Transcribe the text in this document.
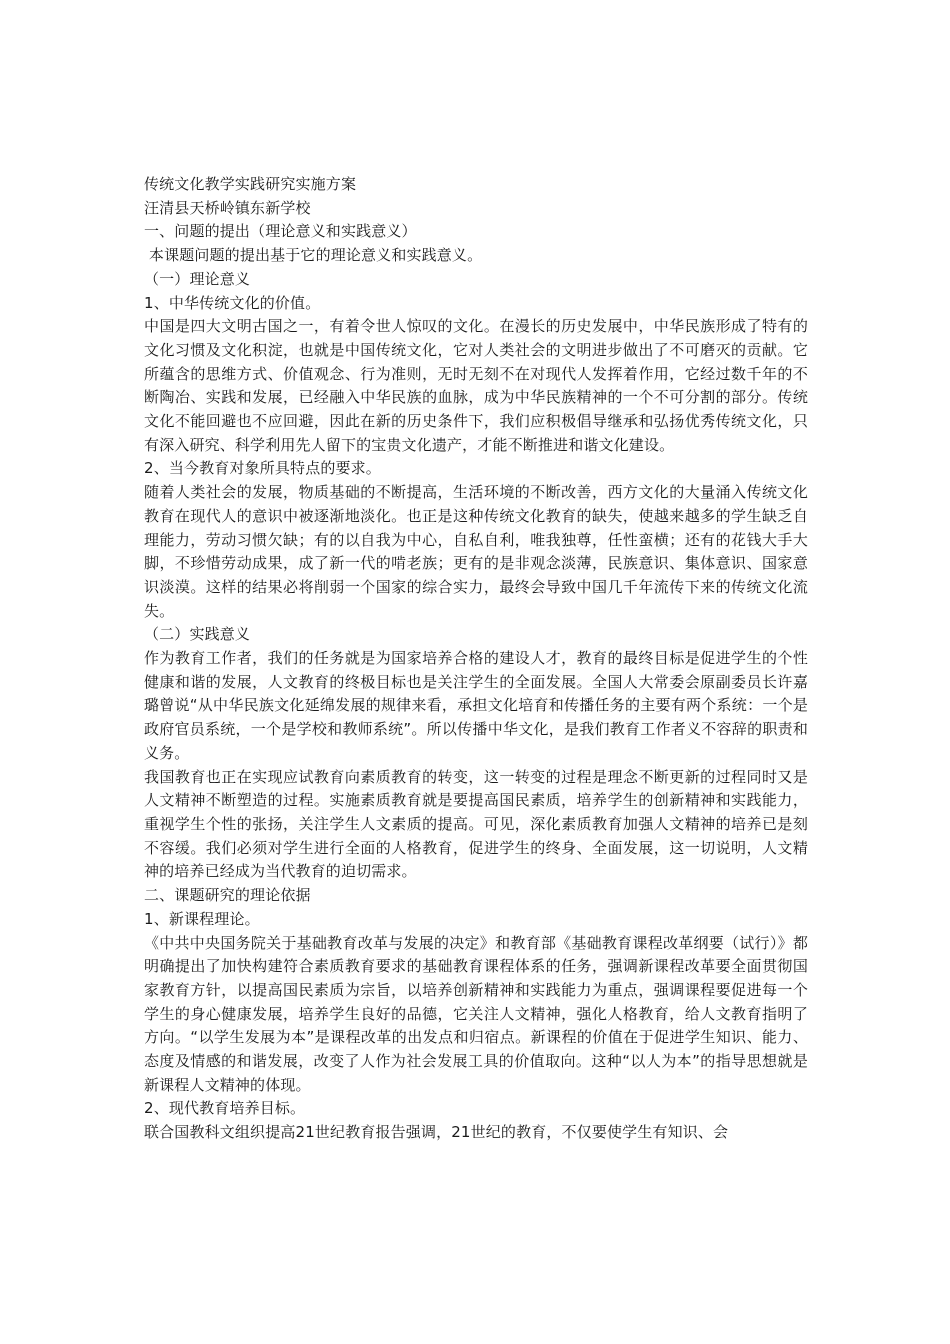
传统文化教学实践研究实施方案

汪清县天桥岭镇东新学校

一、问题的提出（理论意义和实践意义）

本课题问题的提出基于它的理论意义和实践意义。

（一）理论意义

1、中华传统文化的价值。

中国是四大文明古国之一，有着令世人惊叹的文化。在漫长的历史发展中，中华民族形成了特有的文化习惯及文化积淀，也就是中国传统文化，它对人类社会的文明进步做出了不可磨灭的贡献。它所蕴含的思维方式、价值观念、行为准则，无时无刻不在对现代人发挥着作用，它经过数千年的不断陶冶、实践和发展，已经融入中华民族的血脉，成为中华民族精神的一个不可分割的部分。传统文化不能回避也不应回避，因此在新的历史条件下，我们应积极倡导继承和弘扬优秀传统文化，只有深入研究、科学利用先人留下的宝贵文化遗产，才能不断推进和谐文化建设。

2、当今教育对象所具特点的要求。

随着人类社会的发展，物质基础的不断提高，生活环境的不断改善，西方文化的大量涌入传统文化教育在现代人的意识中被逐渐地淡化。也正是这种传统文化教育的缺失，使越来越多的学生缺乏自理能力，劳动习惯欠缺；有的以自我为中心，自私自利，唯我独尊，任性蛮横；还有的花钱大手大脚，不珍惜劳动成果，成了新一代的啃老族；更有的是非观念淡薄，民族意识、集体意识、国家意识淡漠。这样的结果必将削弱一个国家的综合实力，最终会导致中国几千年流传下来的传统文化流失。

（二）实践意义

作为教育工作者，我们的任务就是为国家培养合格的建设人才，教育的最终目标是促进学生的个性健康和谐的发展，人文教育的终极目标也是关注学生的全面发展。全国人大常委会原副委员长许嘉璐曾说“从中华民族文化延绵发展的规律来看，承担文化培育和传播任务的主要有两个系统：一个是政府官员系统，一个是学校和教师系统”。所以传播中华文化，是我们教育工作者义不容辞的职责和义务。

我国教育也正在实现应试教育向素质教育的转变，这一转变的过程是理念不断更新的过程同时又是人文精神不断塑造的过程。实施素质教育就是要提高国民素质，培养学生的创新精神和实践能力，重视学生个性的张扬，关注学生人文素质的提高。可见，深化素质教育加强人文精神的培养已是刻不容缓。我们必须对学生进行全面的人格教育，促进学生的终身、全面发展，这一切说明，人文精神的培养已经成为当代教育的迫切需求。

二、课题研究的理论依据

1、新课程理论。

《中共中央国务院关于基础教育改革与发展的决定》和教育部《基础教育课程改革纲要（试行）》都明确提出了加快构建符合素质教育要求的基础教育课程体系的任务，强调新课程改革要全面贯彻国家教育方针，以提高国民素质为宗旨，以培养创新精神和实践能力为重点，强调课程要促进每一个学生的身心健康发展，培养学生良好的品德，它关注人文精神，强化人格教育，给人文教育指明了方向。“以学生发展为本”是课程改革的出发点和归宿点。新课程的价值在于促进学生知识、能力、态度及情感的和谐发展，改变了人作为社会发展工具的价值取向。这种“以人为本”的指导思想就是新课程人文精神的体现。

2、现代教育培养目标。

联合国教科文组织提高21世纪教育报告强调，21世纪的教育，不仅要使学生有知识、会
